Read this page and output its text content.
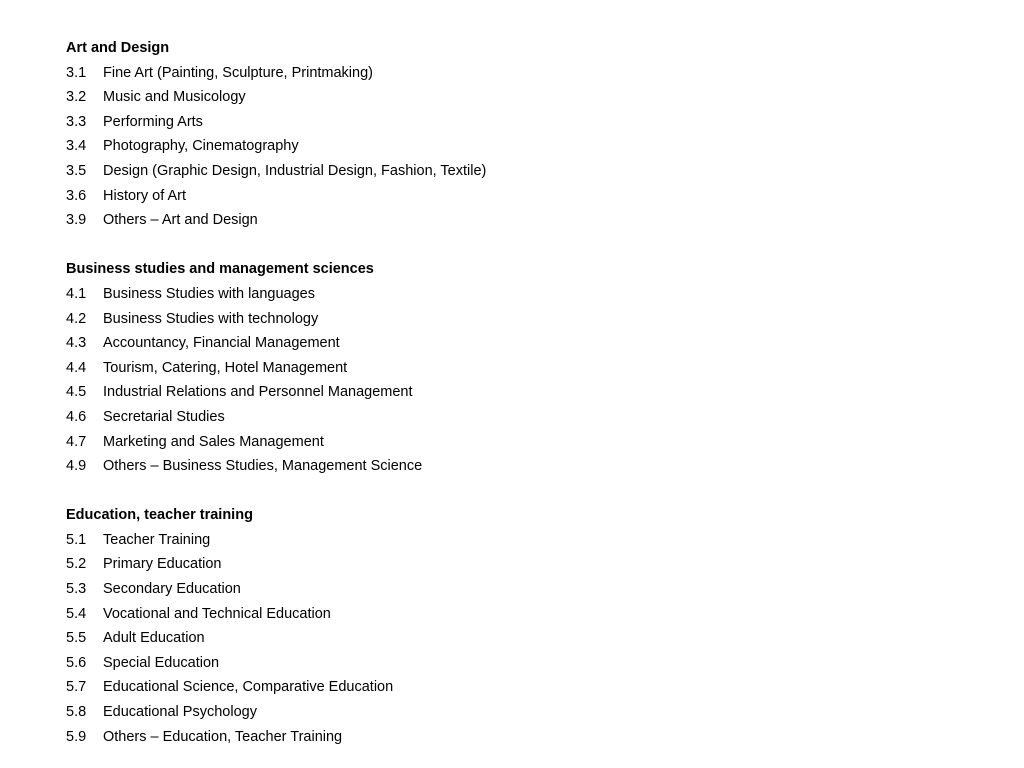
Art and Design
3.1	Fine Art (Painting, Sculpture, Printmaking)
3.2	Music and Musicology
3.3	Performing Arts
3.4	Photography, Cinematography
3.5	Design (Graphic Design, Industrial Design, Fashion, Textile)
3.6	History of Art
3.9	Others – Art and Design
Business studies and management sciences
4.1	Business Studies with languages
4.2	Business Studies with technology
4.3	Accountancy, Financial Management
4.4	Tourism, Catering, Hotel Management
4.5	Industrial Relations and Personnel Management
4.6	Secretarial Studies
4.7	Marketing and Sales Management
4.9	Others – Business Studies, Management Science
Education, teacher training
5.1	Teacher Training
5.2	Primary Education
5.3	Secondary Education
5.4	Vocational and Technical Education
5.5	Adult Education
5.6	Special Education
5.7	Educational Science, Comparative Education
5.8	Educational Psychology
5.9	Others – Education, Teacher Training
